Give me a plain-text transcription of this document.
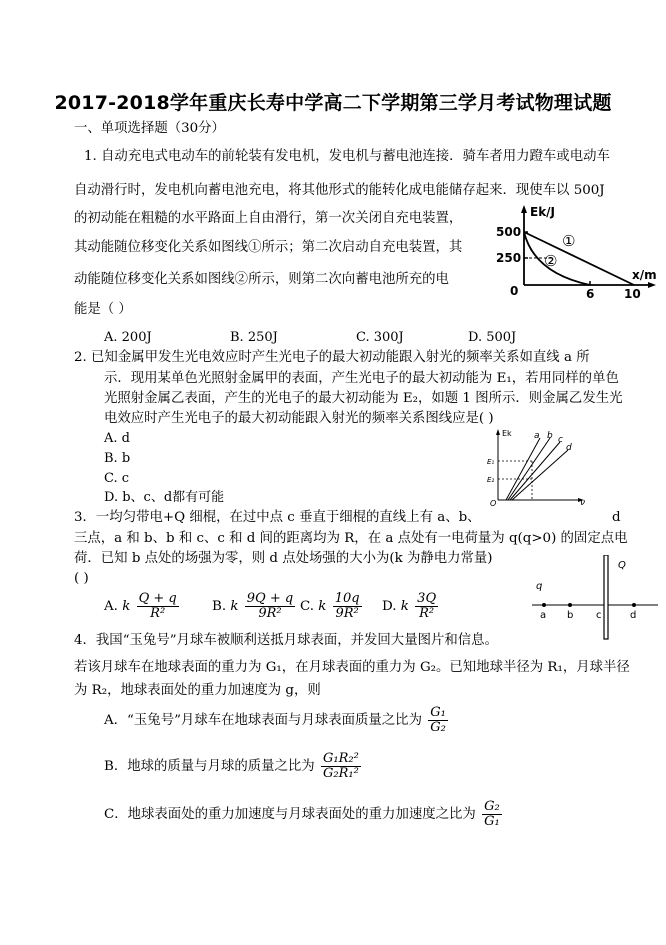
2017-2018学年重庆长寿中学高二下学期第三学月考试物理试题
一、单项选择题（30分）
1. 自动充电式电动车的前轮装有发电机，发电机与蓄电池连接．骑车者用力蹬车或电动车
自动滑行时，发电机向蓄电池充电，将其他形式的能转化成电能储存起来．现使车以 500J
的初动能在粗糙的水平路面上自由滑行，第一次关闭自充电装置，
其动能随位移变化关系如图线①所示；第二次启动自充电装置，其
动能随位移变化关系如图线②所示，则第二次向蓄电池所充的电
能是（ ）
A. 200J	B. 250J	C. 300J	D. 500J
Ek/J
x/m
500
250
0	6 10
①
②
2. 已知金属甲发生光电效应时产生光电子的最大初动能跟入射光的频率关系如直线 a 所
示．现用某单色光照射金属甲的表面，产生光电子的最大初动能为 E₁，若用同样的单色
光照射金属乙表面，产生的光电子的最大初动能为 E₂，如题 1 图所示．则金属乙发生光
电效应时产生光电子的最大初动能跟入射光的频率关系图线应是( )
A. d
B. b
C. c
D. b、c、d都有可能
Ek
ν
O
E₁
E₂
a b c
d
3．一均匀带电+Q 细棍，在过中点 c 垂直于细棍的直线上有 a、b、	d
三点，a 和 b、b 和 c、c 和 d 间的距离均为 R，在 a 点处有一电荷量为 q(q>0) 的固定点电
荷．已知 b 点处的场强为零，则 d 点处场强的大小为(k 为静电力常量)
( )
A. k $\frac{Q + q}{\text{R²}} B$. k $\frac{9Q + q}{\text{9R²}} C$. k $\frac{10q}{\text{9R²}} D$. k $\frac{3Q}{\text{R²}}$
q
Q
a b c	d
4．我国“玉兔号”月球车被顺利送抵月球表面，并发回大量图片和信息。
若该月球车在地球表面的重力为 G₁，在月球表面的重力为 G₂。已知地球半径为 R₁，月球半径
为 R₂，地球表面处的重力加速度为 g，则
A．“玉兔号”月球车在地球表面与月球表面质量之比为 $\frac{\text{G₁}}{\text{G₂}}$
B．地球的质量与月球的质量之比为 $\frac{\text{G₁R₂²}}{\text{G₂R₁²}}$
C．地球表面处的重力加速度与月球表面处的重力加速度之比为 $\frac{\text{G₂}}{\text{G₁}}$
